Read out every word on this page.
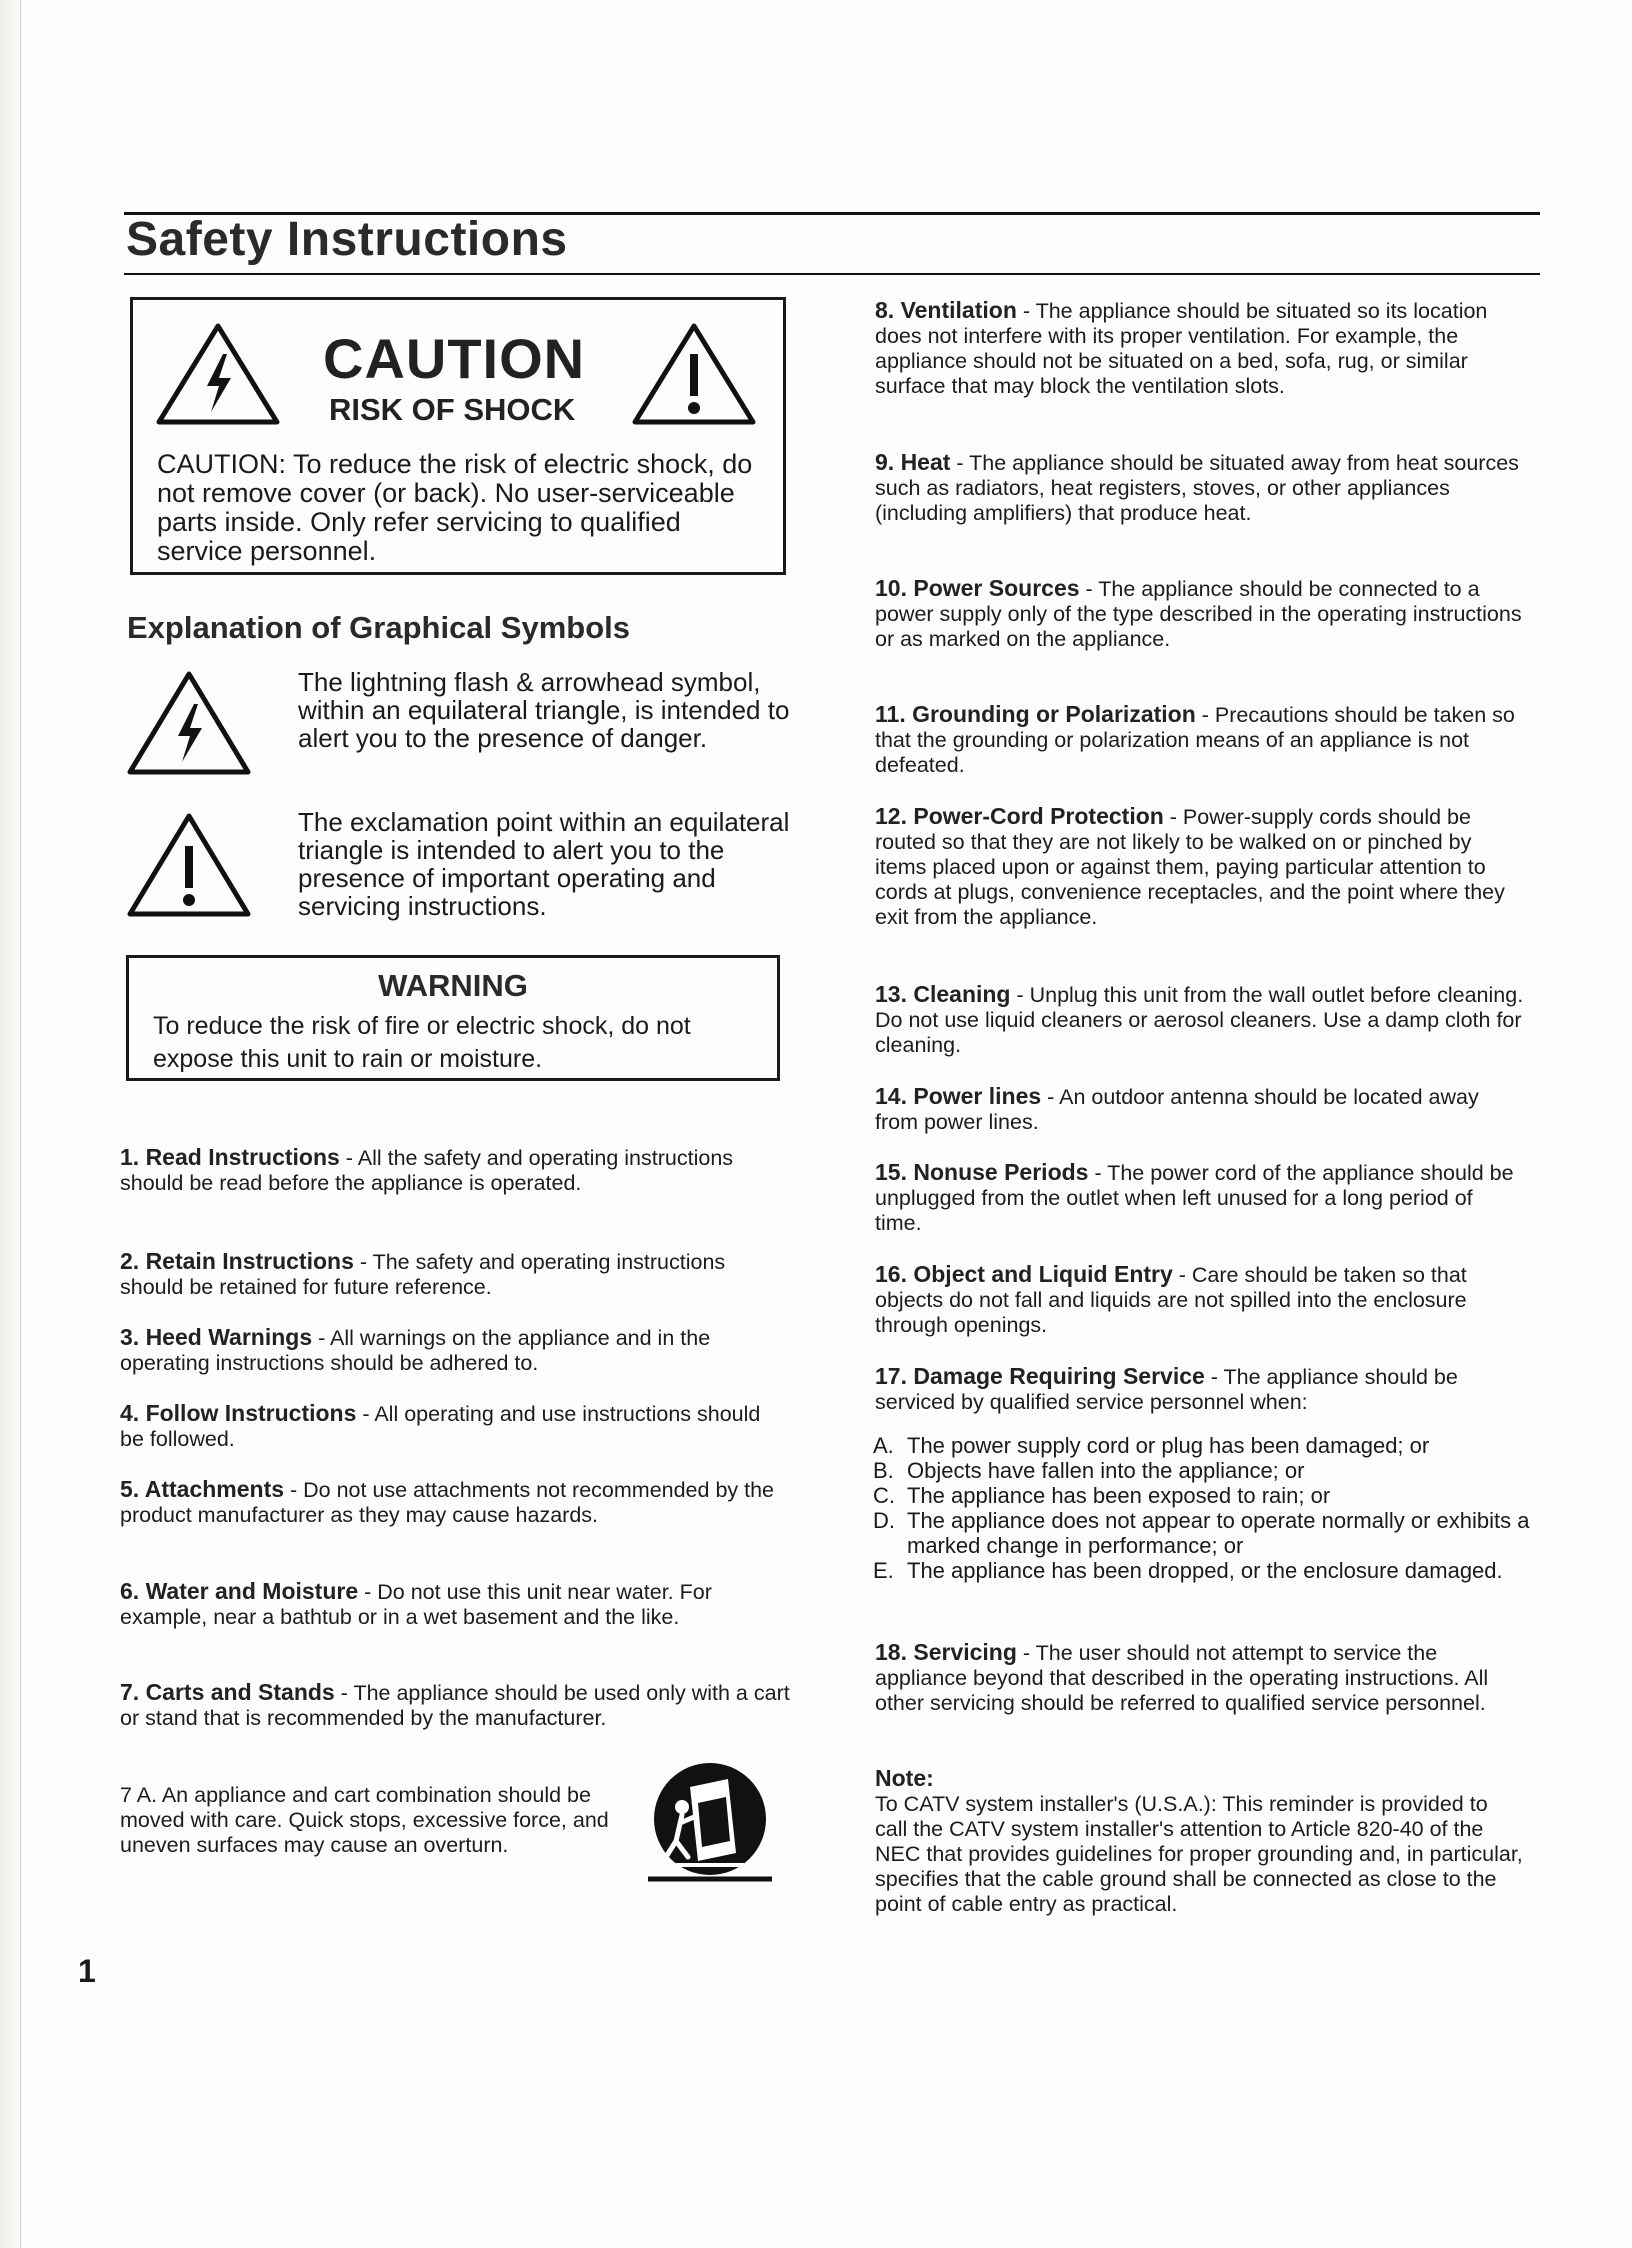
Safety Instructions
CAUTION
RISK OF SHOCK
CAUTION: To reduce the risk of electric shock, do not remove cover (or back). No user-serviceable parts inside. Only refer servicing to qualified service personnel.
Explanation of Graphical Symbols
The lightning flash & arrowhead symbol, within an equilateral triangle, is intended to alert you to the presence of danger.
The exclamation point within an equilateral triangle is intended to alert you to the presence of important operating and servicing instructions.
WARNING
To reduce the risk of fire or electric shock, do not expose this unit to rain or moisture.
1. Read Instructions - All the safety and operating instructions should be read before the appliance is operated.
2. Retain Instructions - The safety and operating instructions should be retained for future reference.
3. Heed Warnings - All warnings on the appliance and in the operating instructions should be adhered to.
4. Follow Instructions - All operating and use instructions should be followed.
5. Attachments - Do not use attachments not recommended by the product manufacturer as they may cause hazards.
6. Water and Moisture - Do not use this unit near water. For example, near a bathtub or in a wet basement and the like.
7. Carts and Stands - The appliance should be used only with a cart or stand that is recommended by the manufacturer.
7 A. An appliance and cart combination should be moved with care. Quick stops, excessive force, and uneven surfaces may cause an overturn.
8. Ventilation - The appliance should be situated so its location does not interfere with its proper ventilation. For example, the appliance should not be situated on a bed, sofa, rug, or similar surface that may block the ventilation slots.
9. Heat - The appliance should be situated away from heat sources such as radiators, heat registers, stoves, or other appliances (including amplifiers) that produce heat.
10. Power Sources - The appliance should be connected to a power supply only of the type described in the operating instructions or as marked on the appliance.
11. Grounding or Polarization - Precautions should be taken so that the grounding or polarization means of an appliance is not defeated.
12. Power-Cord Protection - Power-supply cords should be routed so that they are not likely to be walked on or pinched by items placed upon or against them, paying particular attention to cords at plugs, convenience receptacles, and the point where they exit from the appliance.
13. Cleaning - Unplug this unit from the wall outlet before cleaning. Do not use liquid cleaners or aerosol cleaners. Use a damp cloth for cleaning.
14. Power lines - An outdoor antenna should be located away from power lines.
15. Nonuse Periods - The power cord of the appliance should be unplugged from the outlet when left unused for a long period of time.
16. Object and Liquid Entry - Care should be taken so that objects do not fall and liquids are not spilled into the enclosure through openings.
17. Damage Requiring Service - The appliance should be serviced by qualified service personnel when:
A. The power supply cord or plug has been damaged; or
B. Objects have fallen into the appliance; or
C. The appliance has been exposed to rain; or
D. The appliance does not appear to operate normally or exhibits a marked change in performance; or
E. The appliance has been dropped, or the enclosure damaged.
18. Servicing - The user should not attempt to service the appliance beyond that described in the operating instructions. All other servicing should be referred to qualified service personnel.
Note:
To CATV system installer's (U.S.A.): This reminder is provided to call the CATV system installer's attention to Article 820-40 of the NEC that provides guidelines for proper grounding and, in particular, specifies that the cable ground shall be connected as close to the point of cable entry as practical.
1
